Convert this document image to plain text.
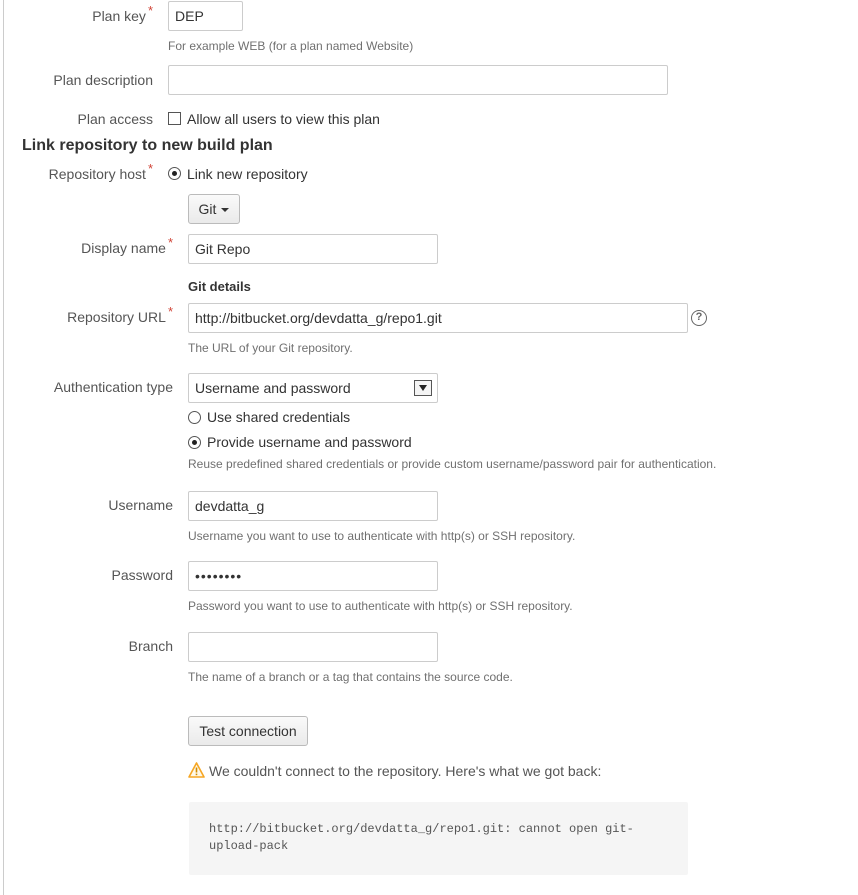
Plan key *	DEP
For example WEB (for a plan named Website)
Plan description
Plan access Allow all users to view this plan
Link repository to new build plan
Repository host * Link new repository
Git
Display name *	Git Repo
Git details
Repository URL *	http://bitbucket.org/devdatta_g/repo1.git	?
The URL of your Git repository.
Authentication type	Username and password
Use shared credentials
Provide username and password
Reuse predefined shared credentials or provide custom username/password pair for authentication.
Username	devdatta_g
Username you want to use to authenticate with http(s) or SSH repository.
Password	••••••••
Password you want to use to authenticate with http(s) or SSH repository.
Branch
The name of a branch or a tag that contains the source code.
Test connection
We couldn't connect to the repository. Here's what we got back:
http://bitbucket.org/devdatta_g/repo1.git: cannot open git-upload-pack
